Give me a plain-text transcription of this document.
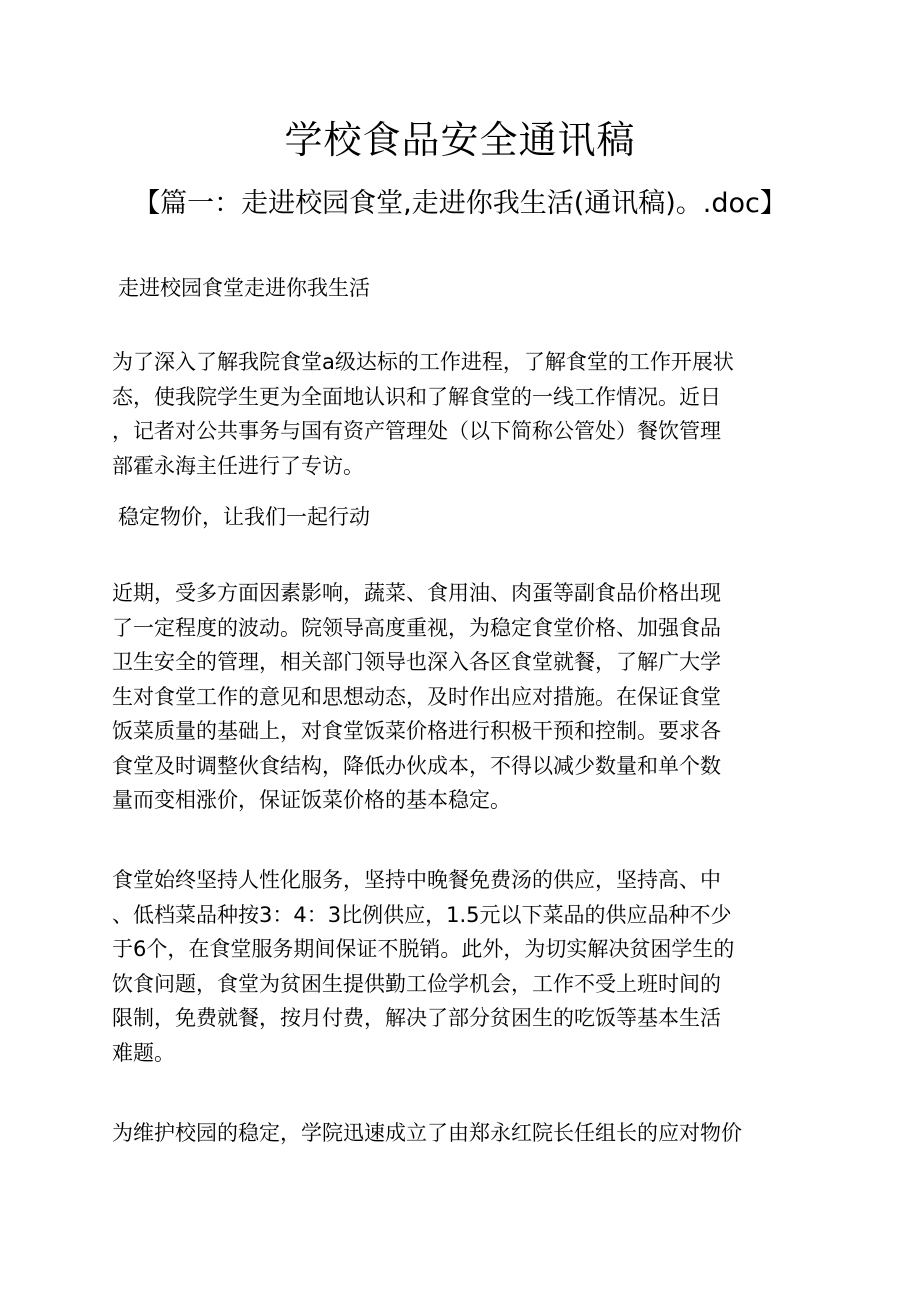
学校食品安全通讯稿
【篇一：走进校园食堂,走进你我生活(通讯稿)。.doc】
走进校园食堂走进你我生活
为了深入了解我院食堂a级达标的工作进程，了解食堂的工作开展状
态，使我院学生更为全面地认识和了解食堂的一线工作情况。近日
，记者对公共事务与国有资产管理处（以下简称公管处）餐饮管理
部霍永海主任进行了专访。
稳定物价，让我们一起行动
近期，受多方面因素影响，蔬菜、食用油、肉蛋等副食品价格出现
了一定程度的波动。院领导高度重视，为稳定食堂价格、加强食品
卫生安全的管理，相关部门领导也深入各区食堂就餐，了解广大学
生对食堂工作的意见和思想动态，及时作出应对措施。在保证食堂
饭菜质量的基础上，对食堂饭菜价格进行积极干预和控制。要求各
食堂及时调整伙食结构，降低办伙成本，不得以减少数量和单个数
量而变相涨价，保证饭菜价格的基本稳定。
食堂始终坚持人性化服务，坚持中晚餐免费汤的供应，坚持高、中
、低档菜品种按3：4：3比例供应，1.5元以下菜品的供应品种不少
于6个，在食堂服务期间保证不脱销。此外，为切实解决贫困学生的
饮食问题，食堂为贫困生提供勤工俭学机会，工作不受上班时间的
限制，免费就餐，按月付费，解决了部分贫困生的吃饭等基本生活
难题。
为维护校园的稳定，学院迅速成立了由郑永红院长任组长的应对物价
